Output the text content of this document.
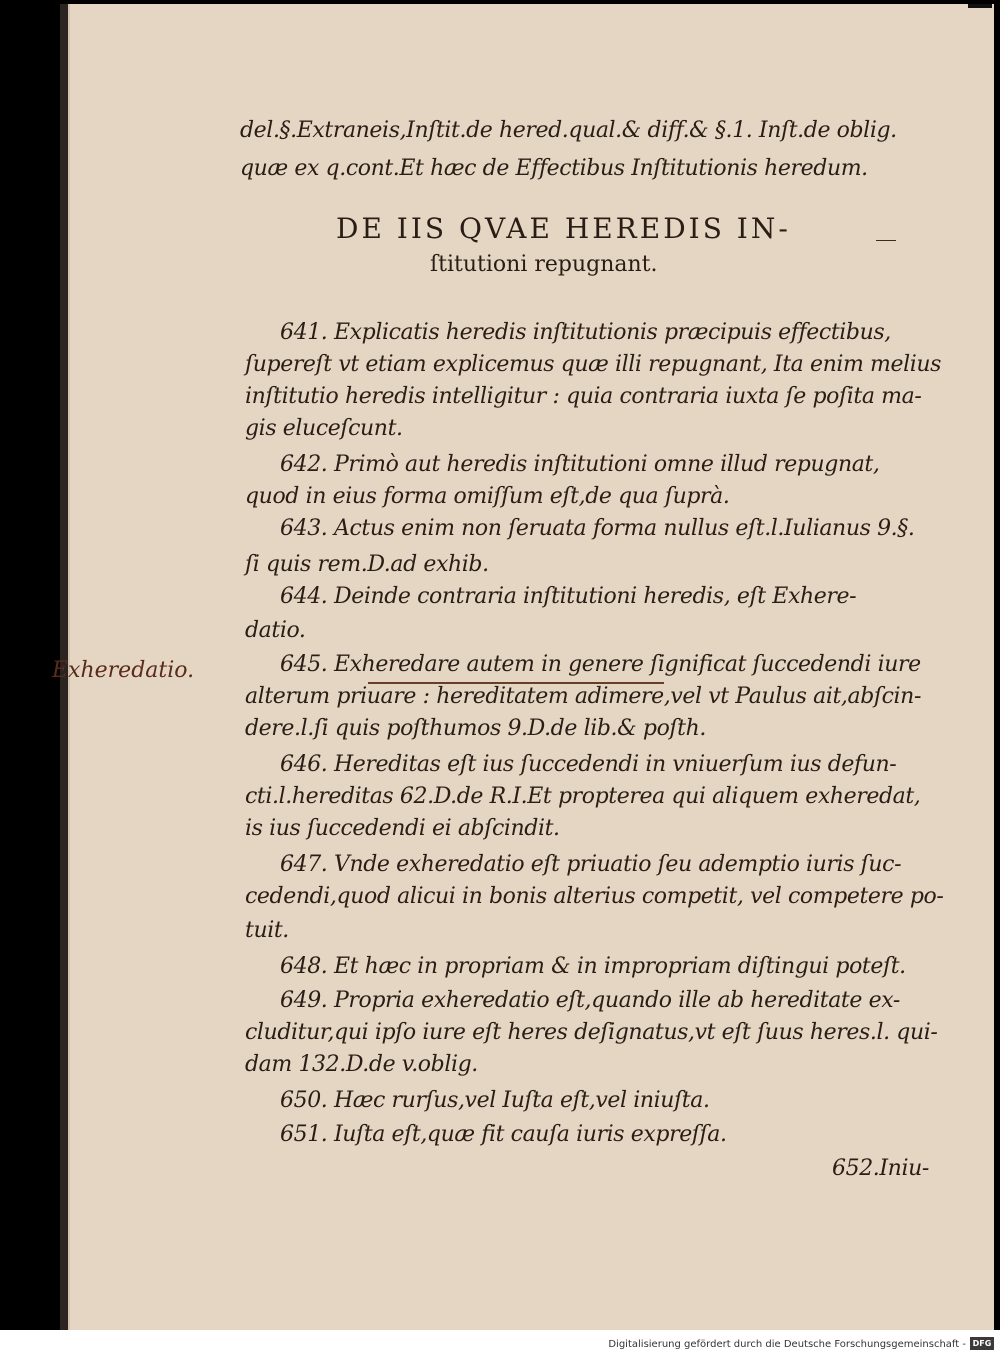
del.§.Extraneis,Inſtit.de hered.qual.& diff.& §.1. Inſt.de oblig.
quæ ex q.cont.Et hæc de Effectibus Inſtitutionis heredum.
DE IIS QVAE HEREDIS IN-
ſtitutioni repugnant.
641. Explicatis heredis inſtitutionis præcipuis effectibus,
ſupereſt vt etiam explicemus quæ illi repugnant, Ita enim melius
inſtitutio heredis intelligitur : quia contraria iuxta ſe poſita ma-
gis eluceſcunt.
642. Primò aut heredis inſtitutioni omne illud repugnat,
quod in eius forma omiſſum eſt,de qua ſuprà.
643. Actus enim non ſeruata forma nullus eſt.l.Iulianus 9.§.
ſi quis rem.D.ad exhib.
644. Deinde contraria inſtitutioni heredis, eſt Exhere-
datio.
645. Exheredare autem in genere ſignificat ſuccedendi iure
alterum priuare : hereditatem adimere,vel vt Paulus ait,abſcin-
dere.l.ſi quis poſthumos 9.D.de lib.& poſth.
646. Hereditas eſt ius ſuccedendi in vniuerſum ius defun-
cti.l.hereditas 62.D.de R.I.Et propterea qui aliquem exheredat,
is ius ſuccedendi ei abſcindit.
647. Vnde exheredatio eſt priuatio ſeu ademptio iuris ſuc-
cedendi,quod alicui in bonis alterius competit, vel competere po-
tuit.
648. Et hæc in propriam & in impropriam diſtingui poteſt.
649. Propria exheredatio eſt,quando ille ab hereditate ex-
cluditur,qui ipſo iure eſt heres deſignatus,vt eſt ſuus heres.l. qui-
dam 132.D.de v.oblig.
650. Hæc rurſus,vel Iuſta eſt,vel iniuſta.
651. Iuſta eſt,quæ fit cauſa iuris expreſſa.
652.Iniu-
Exheredatio.
Digitalisierung gefördert durch die Deutsche Forschungsgemeinschaft - DFG
